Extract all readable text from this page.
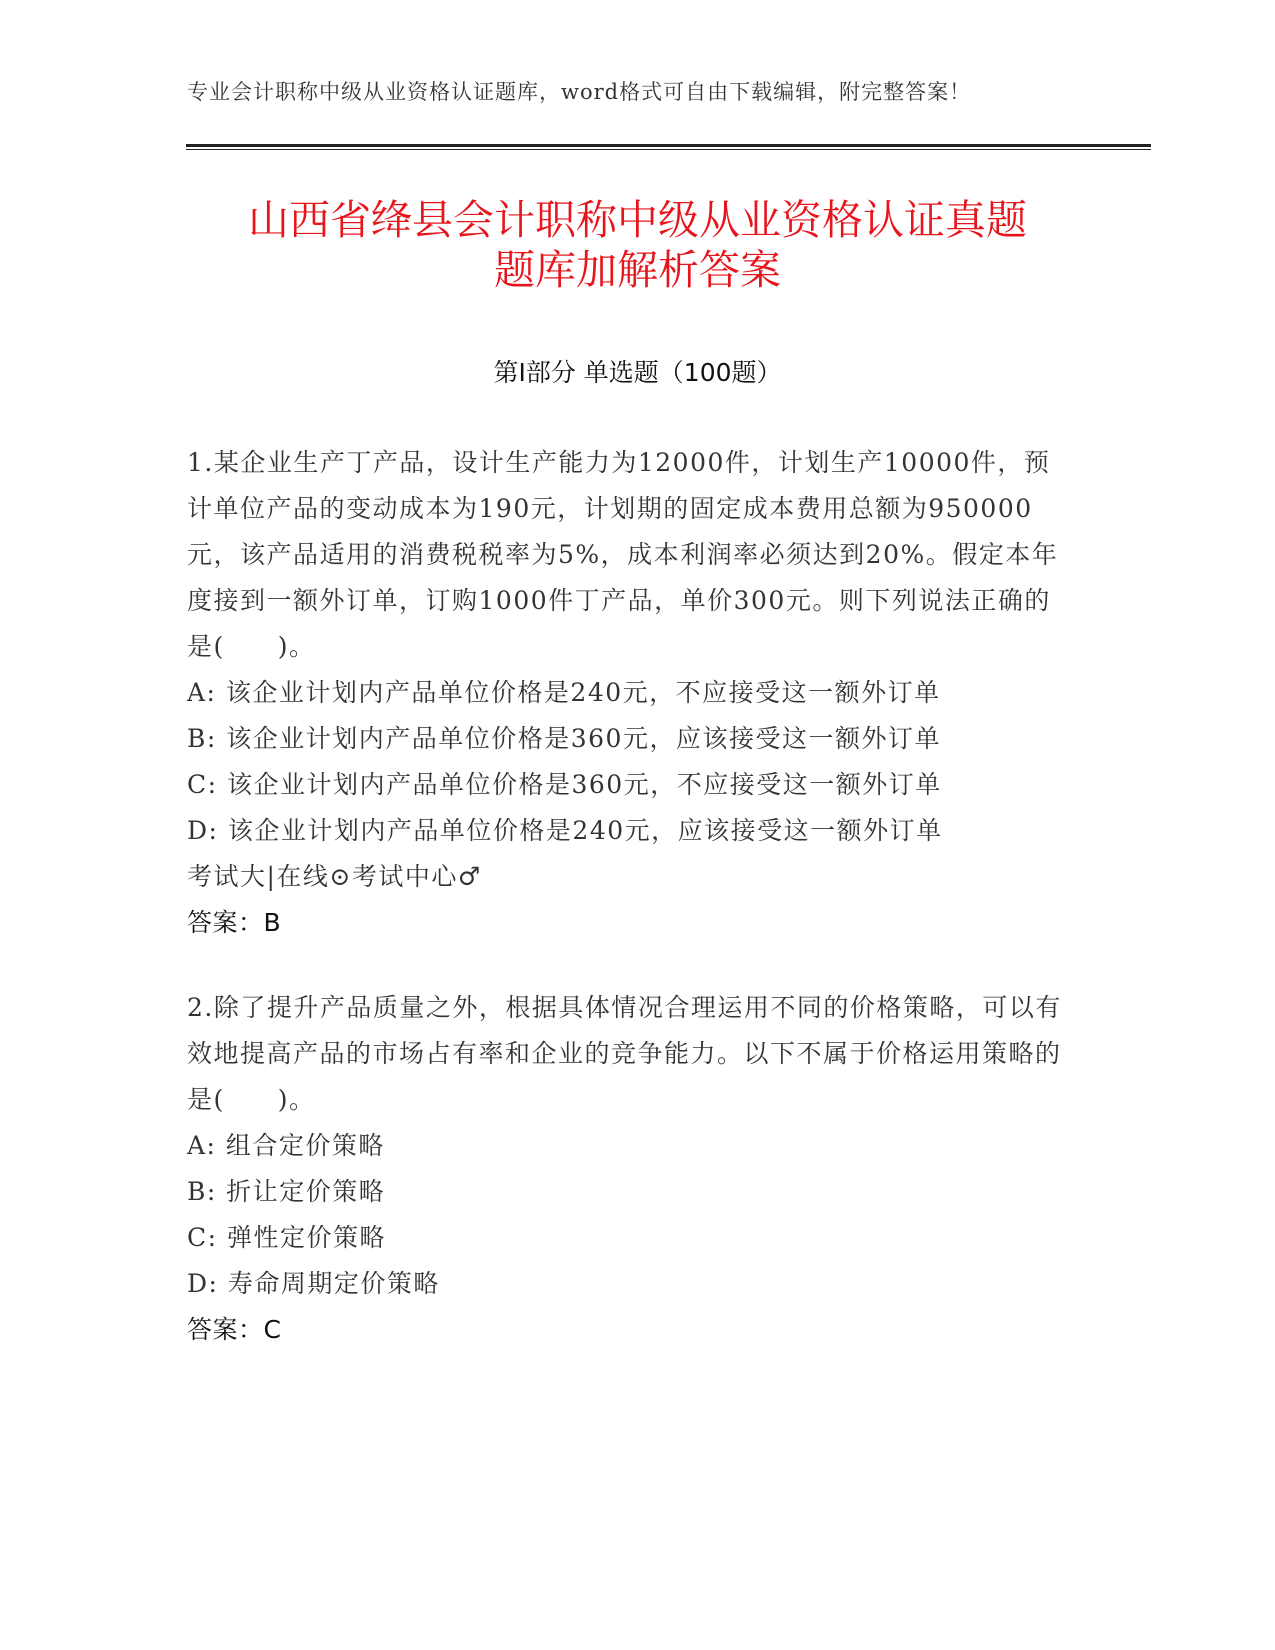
专业会计职称中级从业资格认证题库，word格式可自由下载编辑，附完整答案！
山西省绛县会计职称中级从业资格认证真题
题库加解析答案
第I部分 单选题（100题）

1.某企业生产丁产品，设计生产能力为12000件，计划生产10000件，预计单位产品的变动成本为190元，计划期的固定成本费用总额为950000元，该产品适用的消费税税率为5%，成本利润率必须达到20%。假定本年度接到一额外订单，订购1000件丁产品，单价300元。则下列说法正确的是(　　)。

A: 该企业计划内产品单位价格是240元，不应接受这一额外订单

B: 该企业计划内产品单位价格是360元，应该接受这一额外订单

C: 该企业计划内产品单位价格是360元，不应接受这一额外订单

D: 该企业计划内产品单位价格是240元，应该接受这一额外订单

考试大|在线⊙考试中心♂

答案：B

2.除了提升产品质量之外，根据具体情况合理运用不同的价格策略，可以有效地提高产品的市场占有率和企业的竞争能力。以下不属于价格运用策略的是(　　)。

A: 组合定价策略

B: 折让定价策略

C: 弹性定价策略

D: 寿命周期定价策略

答案：C
